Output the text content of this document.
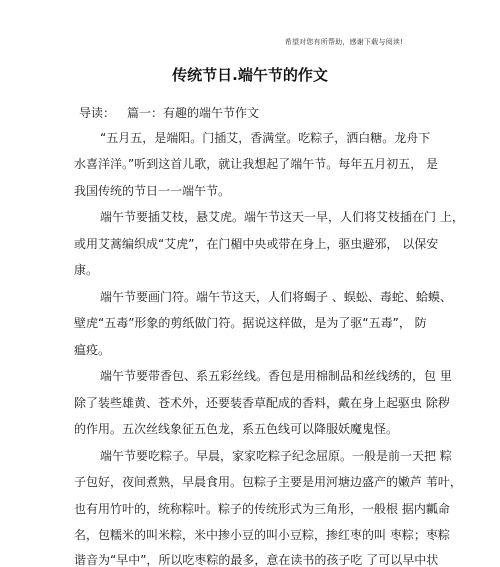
希望对您有所帮助，感谢下载与阅读!
传统节日.端午节的作文
导读： 篇一：有趣的端午节作文
“五月五，是端阳。门插艾，香满堂。吃粽子，洒白糖。龙舟下
水喜洋洋。”听到这首儿歌，就让我想起了端午节。每年五月初五， 是
我国传统的节日一一端午节。
端午节要插艾枝，悬艾虎。端午节这天一早，人们将艾枝插在门 上，
或用艾蒿编织成“艾虎”，在门楣中央或带在身上，驱虫避邪， 以保安
康。
端午节要画门符。端午节这天，人们将蝎子 、蜈蚣、毒蛇、蛤蟆、
壁虎“五毒”形象的剪纸做门符。据说这样做，是为了驱“五毒”， 防
瘟疫。
端午节要带香包、系五彩丝线。香包是用棉制品和丝线绣的，包 里
除了装些雄黄、苍术外，还要装香草配成的香料，戴在身上起驱虫 除秽
的作用。五次丝线象征五色龙，系五色线可以降服妖魔鬼怪。
端午节要吃粽子。早晨，家家吃粽子纪念屈原。一般是前一天把 粽
子包好，夜间煮熟，早晨食用。包粽子主要是用河塘边盛产的嫩芦 苇叶，
也有用竹叶的，统称粽叶。粽子的传统形式为三角形，一般根 据内瓤命
名，包糯米的叫米粽，米中掺小豆的叫小豆粽，掺红枣的叫 枣粽；枣粽
谐音为“早中”，所以吃枣粽的最多，意在读书的孩子吃 了可以早中状
